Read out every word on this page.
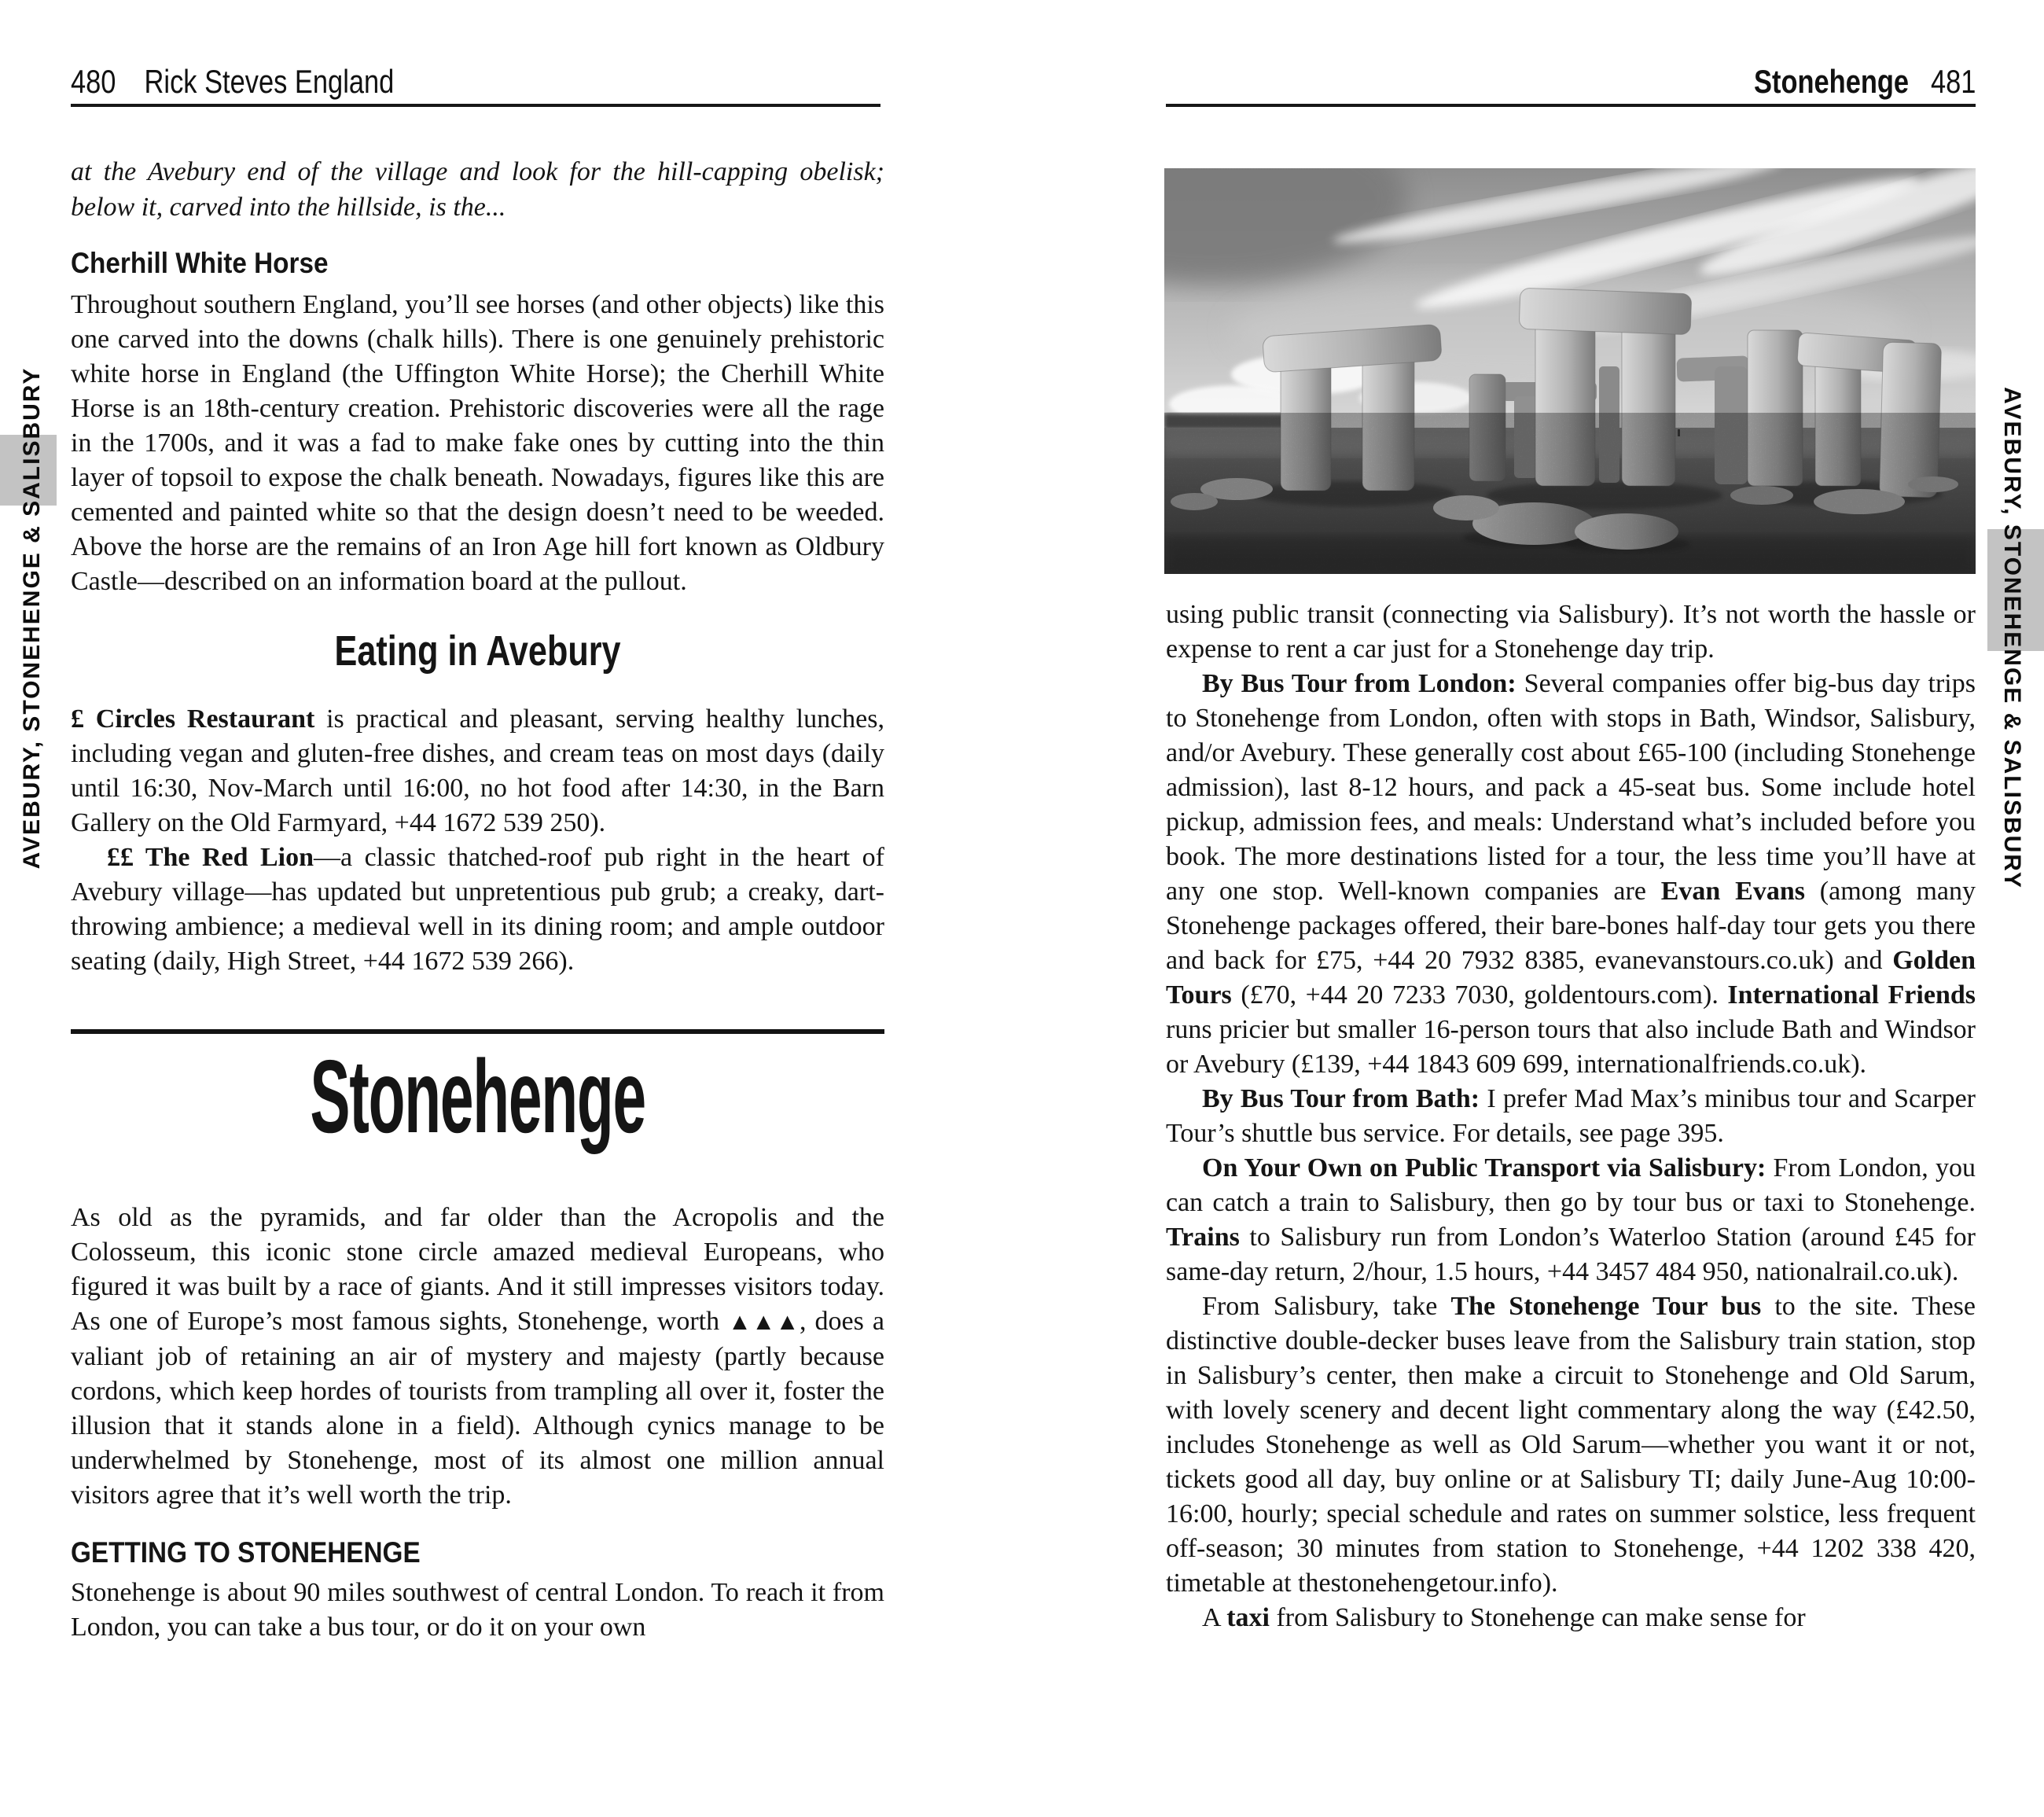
480 Rick Steves England

at the Avebury end of the village and look for the hill-capping obelisk; below it, carved into the hillside, is the...

Cherhill White Horse

Throughout southern England, you’ll see horses (and other objects) like this one carved into the downs (chalk hills). There is one genuinely prehistoric white horse in England (the Uffington White Horse); the Cherhill White Horse is an 18th-century creation. Prehistoric discoveries were all the rage in the 1700s, and it was a fad to make fake ones by cutting into the thin layer of topsoil to expose the chalk beneath. Nowadays, figures like this are cemented and painted white so that the design doesn’t need to be weeded. Above the horse are the remains of an Iron Age hill fort known as Oldbury Castle—described on an information board at the pullout.

Eating in Avebury

£ Circles Restaurant is practical and pleasant, serving healthy lunches, including vegan and gluten-free dishes, and cream teas on most days (daily until 16:30, Nov-March until 16:00, no hot food after 14:30, in the Barn Gallery on the Old Farmyard, +44 1672 539 250).

££ The Red Lion—a classic thatched-roof pub right in the heart of Avebury village—has updated but unpretentious pub grub; a creaky, dart-throwing ambience; a medieval well in its dining room; and ample outdoor seating (daily, High Street, +44 1672 539 266).

Stonehenge

As old as the pyramids, and far older than the Acropolis and the Colosseum, this iconic stone circle amazed medieval Europeans, who figured it was built by a race of giants. And it still impresses visitors today. As one of Europe’s most famous sights, Stonehenge, worth ▲▲▲, does a valiant job of retaining an air of mystery and majesty (partly because cordons, which keep hordes of tourists from trampling all over it, foster the illusion that it stands alone in a field). Although cynics manage to be underwhelmed by Stonehenge, most of its almost one million annual visitors agree that it’s well worth the trip.

GETTING TO STONEHENGE

Stonehenge is about 90 miles southwest of central London. To reach it from London, you can take a bus tour, or do it on your own

Stonehenge 481

using public transit (connecting via Salisbury). It’s not worth the hassle or expense to rent a car just for a Stonehenge day trip.

By Bus Tour from London: Several companies offer big-bus day trips to Stonehenge from London, often with stops in Bath, Windsor, Salisbury, and/or Avebury. These generally cost about £65-100 (including Stonehenge admission), last 8-12 hours, and pack a 45-seat bus. Some include hotel pickup, admission fees, and meals: Understand what’s included before you book. The more destinations listed for a tour, the less time you’ll have at any one stop. Well-known companies are Evan Evans (among many Stonehenge packages offered, their bare-bones half-day tour gets you there and back for £75, +44 20 7932 8385, evanevanstours.co.uk) and Golden Tours (£70, +44 20 7233 7030, goldentours.com). International Friends runs pricier but smaller 16-person tours that also include Bath and Windsor or Avebury (£139, +44 1843 609 699, internationalfriends.co.uk).

By Bus Tour from Bath: I prefer Mad Max’s minibus tour and Scarper Tour’s shuttle bus service. For details, see page 395.

On Your Own on Public Transport via Salisbury: From London, you can catch a train to Salisbury, then go by tour bus or taxi to Stonehenge. Trains to Salisbury run from London’s Waterloo Station (around £45 for same-day return, 2/hour, 1.5 hours, +44 3457 484 950, nationalrail.co.uk).

From Salisbury, take The Stonehenge Tour bus to the site. These distinctive double-decker buses leave from the Salisbury train station, stop in Salisbury’s center, then make a circuit to Stonehenge and Old Sarum, with lovely scenery and decent light commentary along the way (£42.50, includes Stonehenge as well as Old Sarum—whether you want it or not, tickets good all day, buy online or at Salisbury TI; daily June-Aug 10:00-16:00, hourly; special schedule and rates on summer solstice, less frequent off-season; 30 minutes from station to Stonehenge, +44 1202 338 420, timetable at thestonehengetour.info).

A taxi from Salisbury to Stonehenge can make sense for

AVEBURY, STONEHENGE & SALISBURY	AVEBURY, STONEHENGE & SALISBURY
